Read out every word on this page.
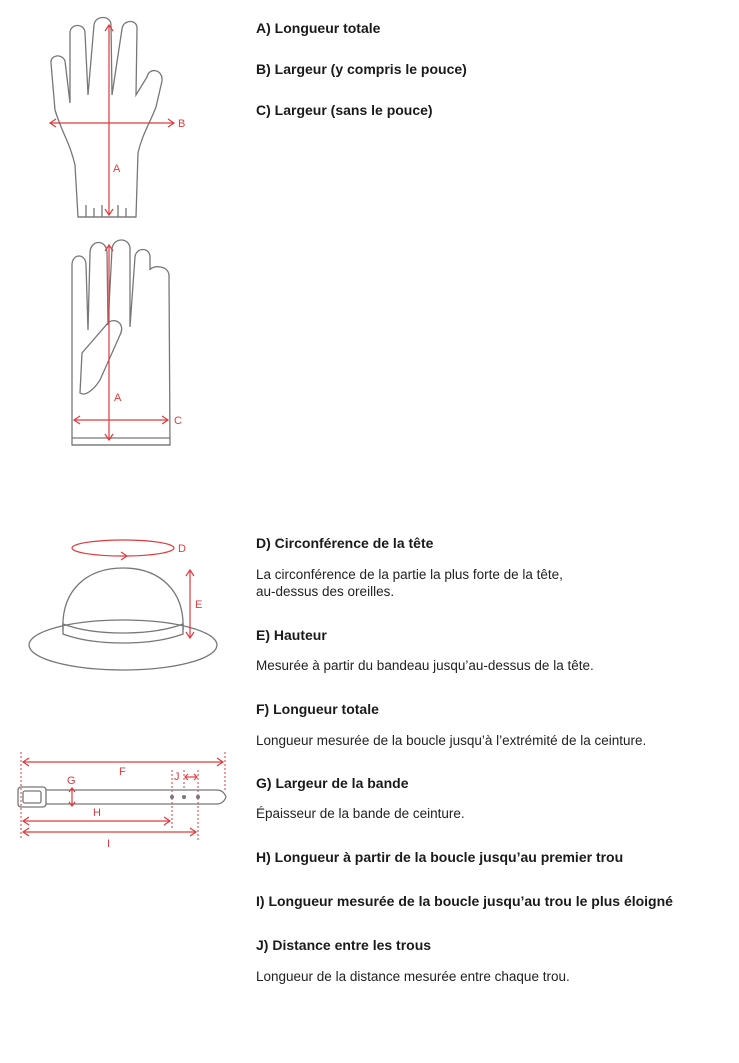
A
B
A
C
D
E
F
G
H
I
J

A) Longueur totale

B) Largeur (y compris le pouce)

C) Largeur (sans le pouce)

D) Circonférence de la tête

La circonférence de la partie la plus forte de la tête,

au-dessus des oreilles.

E) Hauteur

Mesurée à partir du bandeau jusqu’au-dessus de la tête.

F) Longueur totale

Longueur mesurée de la boucle jusqu’à l’extrémité de la ceinture.

G) Largeur de la bande

Épaisseur de la bande de ceinture.

H) Longueur à partir de la boucle jusqu’au premier trou

I) Longueur mesurée de la boucle jusqu’au trou le plus éloigné

J) Distance entre les trous

Longueur de la distance mesurée entre chaque trou.
